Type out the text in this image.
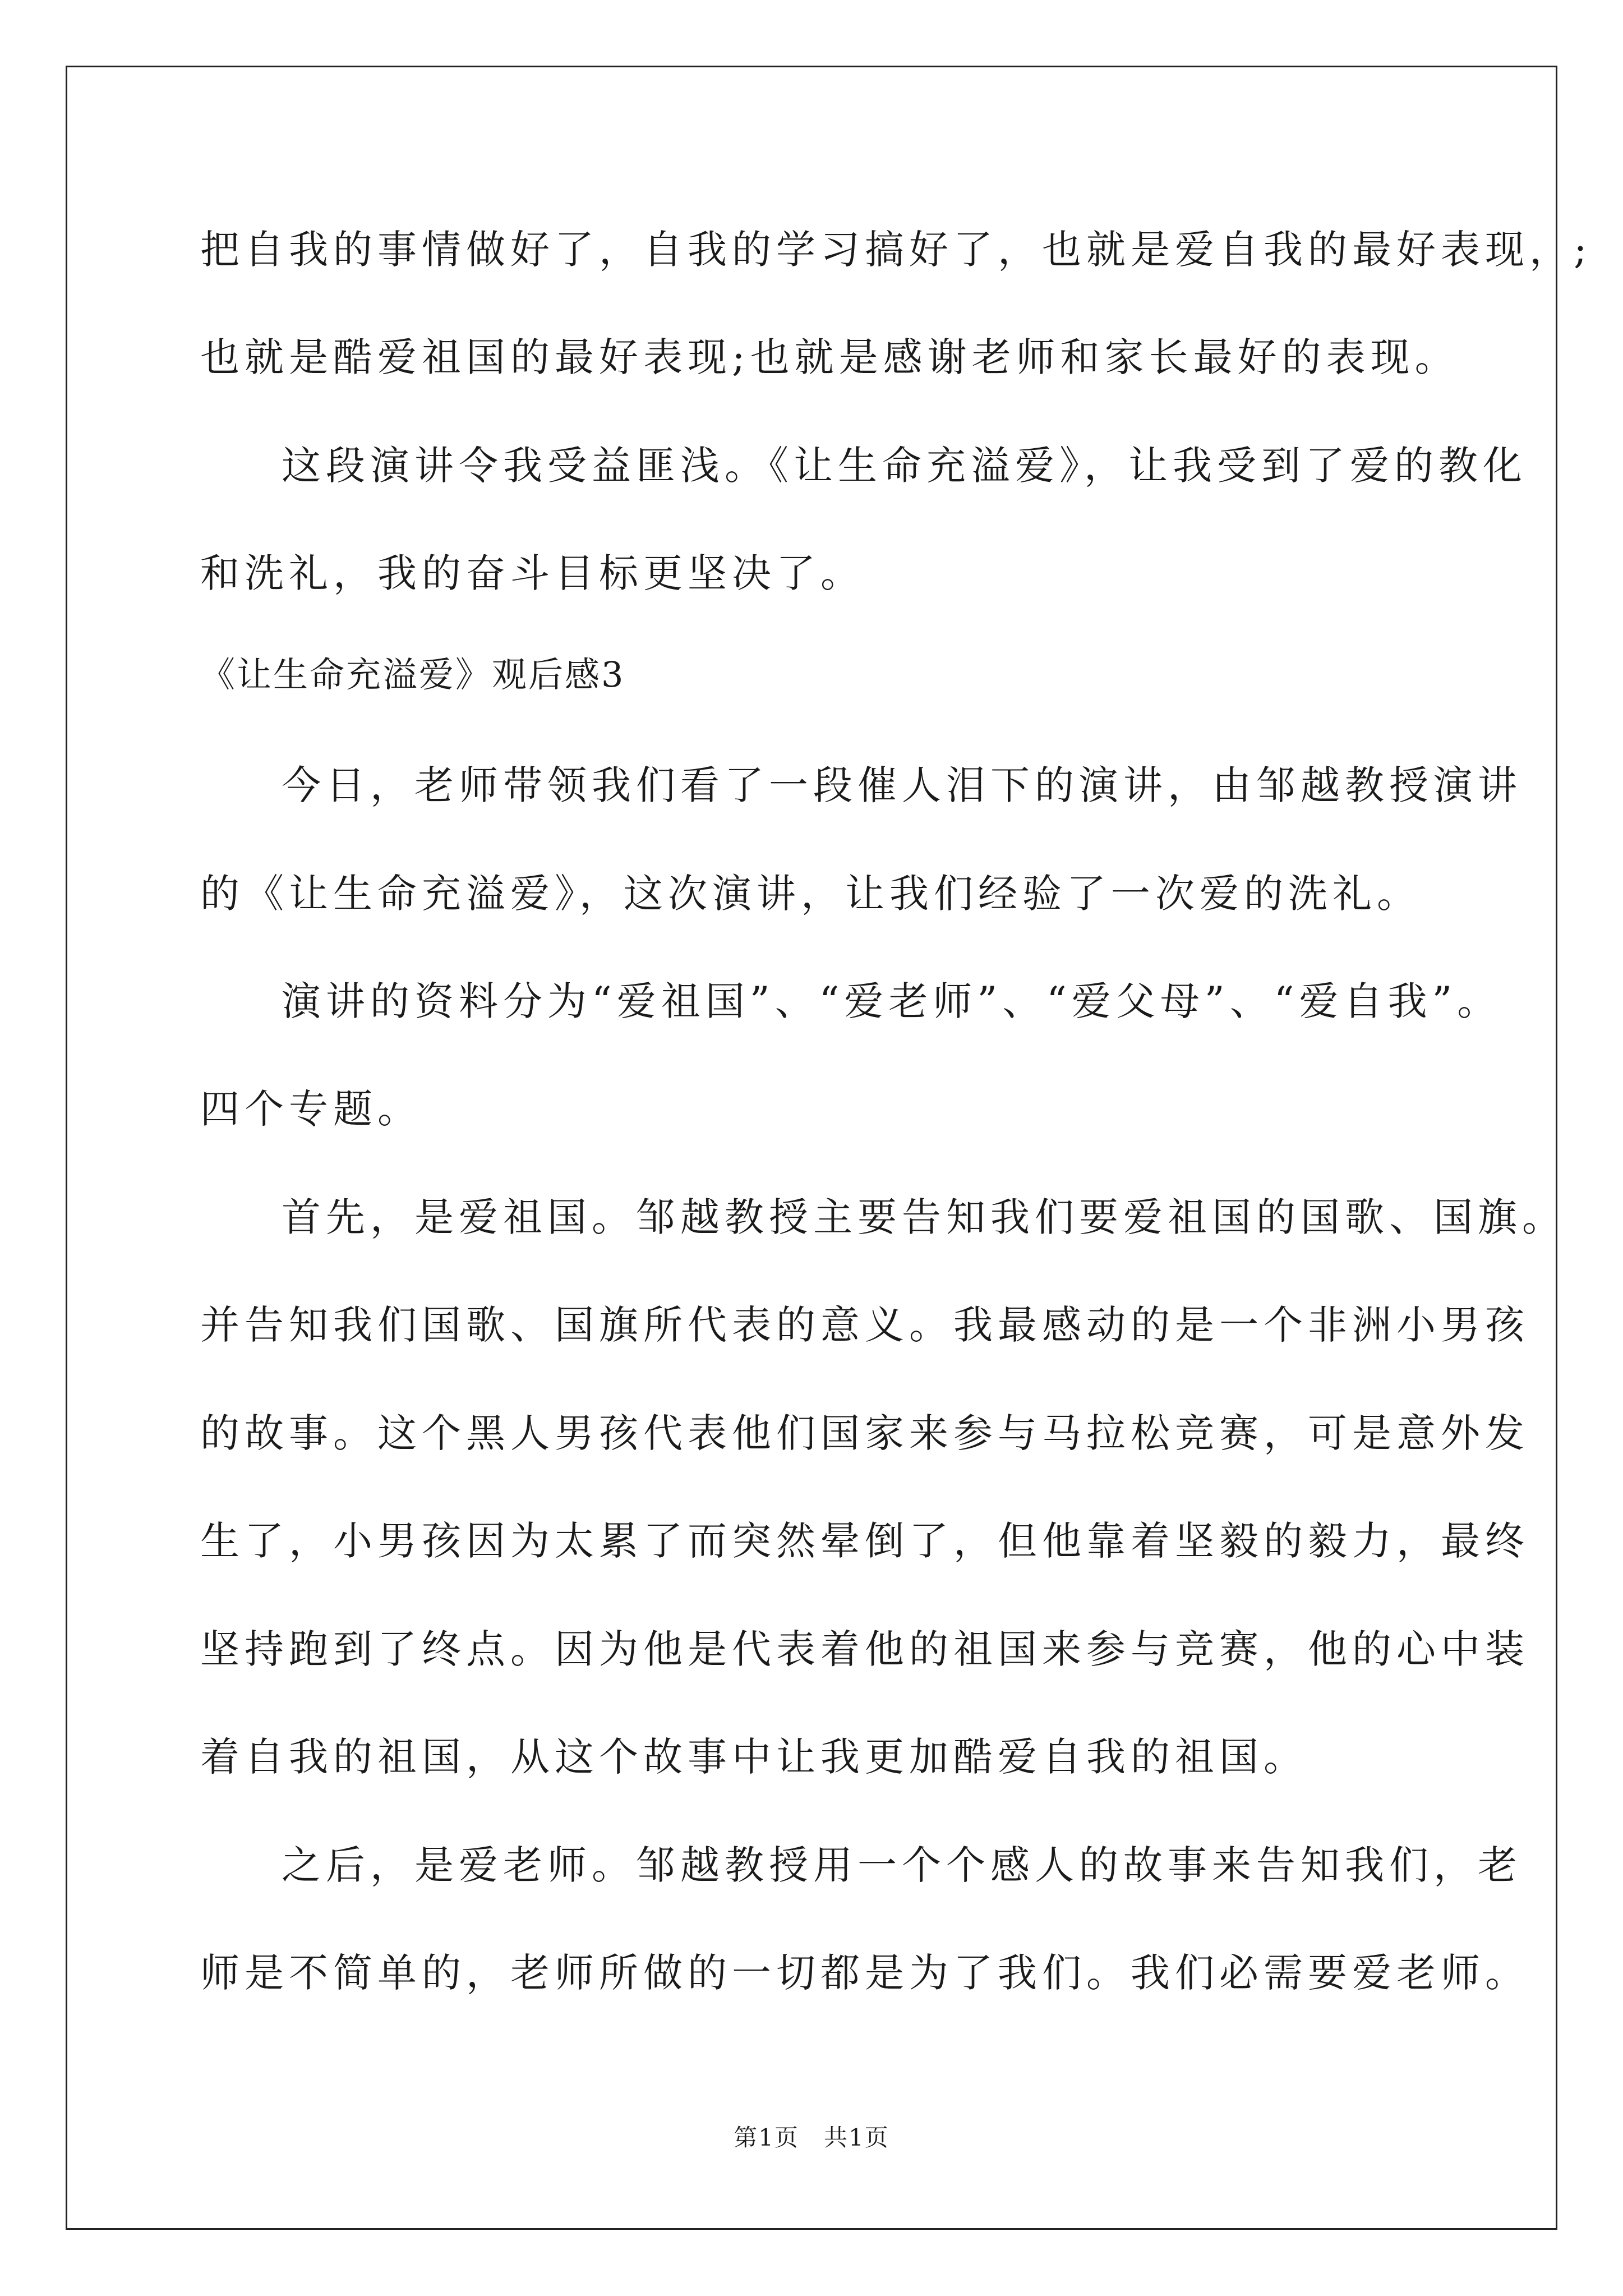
把自我的事情做好了，自我的学习搞好了，也就是爱自我的最好表现，;
也就是酷爱祖国的最好表现;也就是感谢老师和家长最好的表现。
这段演讲令我受益匪浅。《让生命充溢爱》，让我受到了爱的教化
和洗礼，我的奋斗目标更坚决了。
《让生命充溢爱》观后感3
今日，老师带领我们看了一段催人泪下的演讲，由邹越教授演讲
的《让生命充溢爱》，这次演讲，让我们经验了一次爱的洗礼。
演讲的资料分为“爱祖国”、“爱老师”、“爱父母”、“爱自我”。
四个专题。
首先，是爱祖国。邹越教授主要告知我们要爱祖国的国歌、国旗。
并告知我们国歌、国旗所代表的意义。我最感动的是一个非洲小男孩
的故事。这个黑人男孩代表他们国家来参与马拉松竞赛，可是意外发
生了，小男孩因为太累了而突然晕倒了，但他靠着坚毅的毅力，最终
坚持跑到了终点。因为他是代表着他的祖国来参与竞赛，他的心中装
着自我的祖国，从这个故事中让我更加酷爱自我的祖国。
之后，是爱老师。邹越教授用一个个感人的故事来告知我们，老
师是不简单的，老师所做的一切都是为了我们。我们必需要爱老师。
第1页　共1页
